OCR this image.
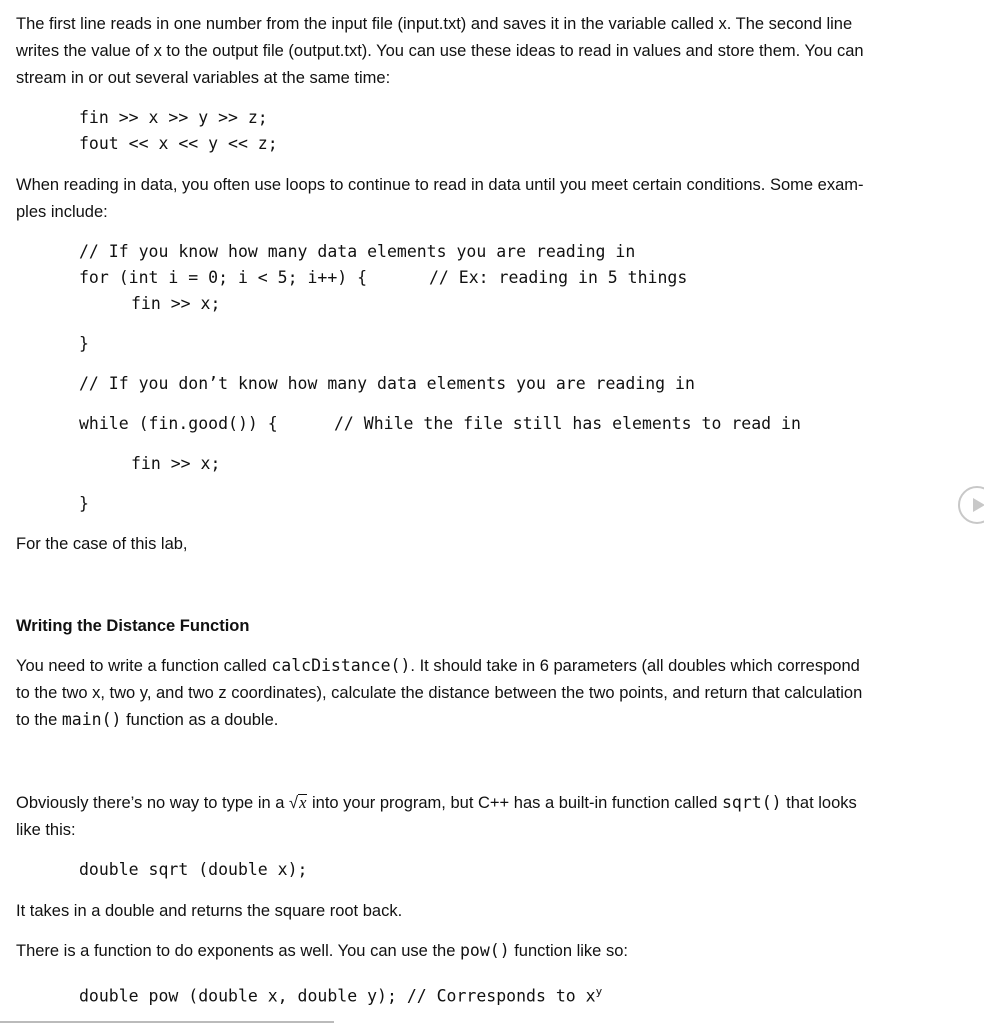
The first line reads in one number from the input file (input.txt) and saves it in the variable called x. The second line
writes the value of x to the output file (output.txt). You can use these ideas to read in values and store them. You can
stream in or out several variables at the same time:
fin >> x >> y >> z;
fout << x << y << z;
When reading in data, you often use loops to continue to read in data until you meet certain conditions. Some exam-
ples include:
// If you know how many data elements you are reading in
for (int i = 0; i < 5; i++) {	// Ex: reading in 5 things
fin >> x;
}
// If you don’t know how many data elements you are reading in
while (fin.good()) {	// While the file still has elements to read in
fin >> x;
}
For the case of this lab,
Writing the Distance Function
You need to write a function called calcDistance(). It should take in 6 parameters (all doubles which correspond
to the two x, two y, and two z coordinates), calculate the distance between the two points, and return that calculation
to the main() function as a double.
Obviously there’s no way to type in a √x into your program, but C++ has a built-in function called sqrt() that looks
like this:
double sqrt (double x);
It takes in a double and returns the square root back.
There is a function to do exponents as well. You can use the pow() function like so:
double pow (double x, double y); // Corresponds to $x^y$
